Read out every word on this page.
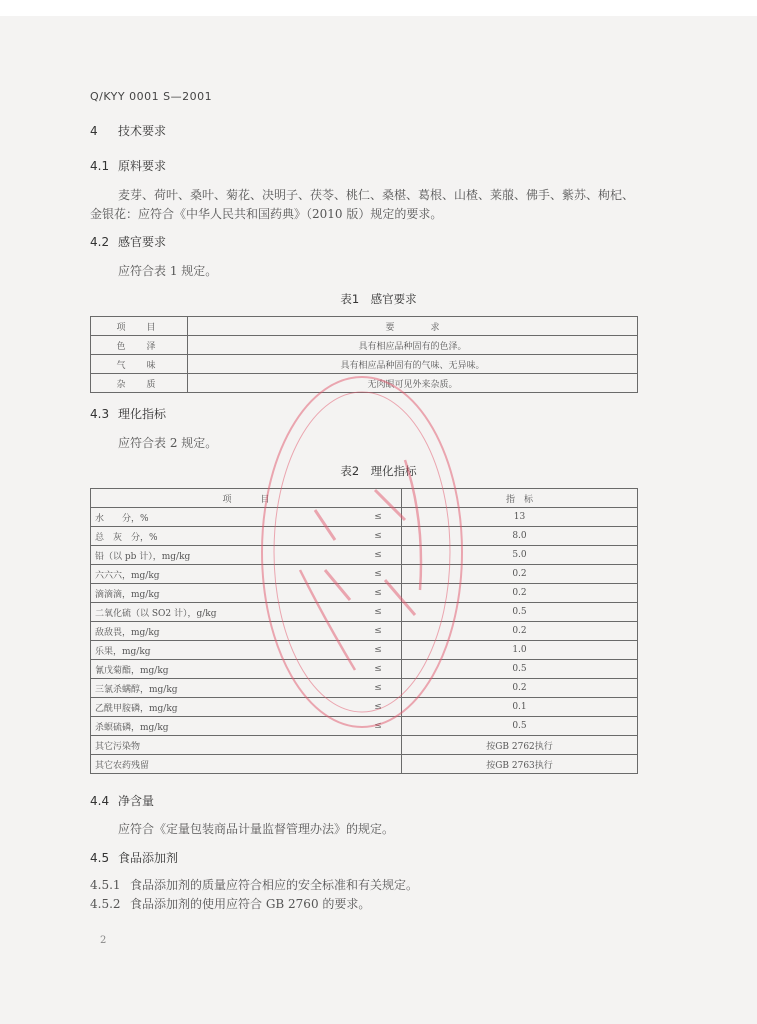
Q/KYY 0001 S—2001
4 技术要求
4.1 原料要求
麦芽、荷叶、桑叶、菊花、决明子、茯苓、桃仁、桑椹、葛根、山楂、莱菔、佛手、紫苏、枸杞、
金银花：应符合《中华人民共和国药典》（2010 版）规定的要求。
4.2 感官要求
应符合表 1 规定。
表1　感官要求
项　目	要　　　　求
色　泽	具有相应品种固有的色泽。
气　味	具有相应品种固有的气味、无异味。
杂　质	无肉眼可见外来杂质。
4.3 理化指标
应符合表 2 规定。
表2　理化指标
项　目		指　标
水　　分，%	≤	13
总　灰　分，%	≤	8.0
铅（以 pb 计），mg/kg	≤	5.0
六六六，mg/kg	≤	0.2
滴滴滴，mg/kg	≤	0.2
二氧化硫（以 SO2 计），g/kg	≤	0.5
敌敌畏，mg/kg	≤	0.2
乐果，mg/kg	≤	1.0
氰戊菊酯，mg/kg	≤	0.5
三氯杀螨醇，mg/kg	≤	0.2
乙酰甲胺磷，mg/kg	≤	0.1
杀螟硫磷，mg/kg	≤	0.5
其它污染物		按GB 2762执行
其它农药残留		按GB 2763执行
4.4 净含量
应符合《定量包装商品计量监督管理办法》的规定。
4.5 食品添加剂
4.5.1 食品添加剂的质量应符合相应的安全标准和有关规定。
4.5.2 食品添加剂的使用应符合 GB 2760 的要求。
2
